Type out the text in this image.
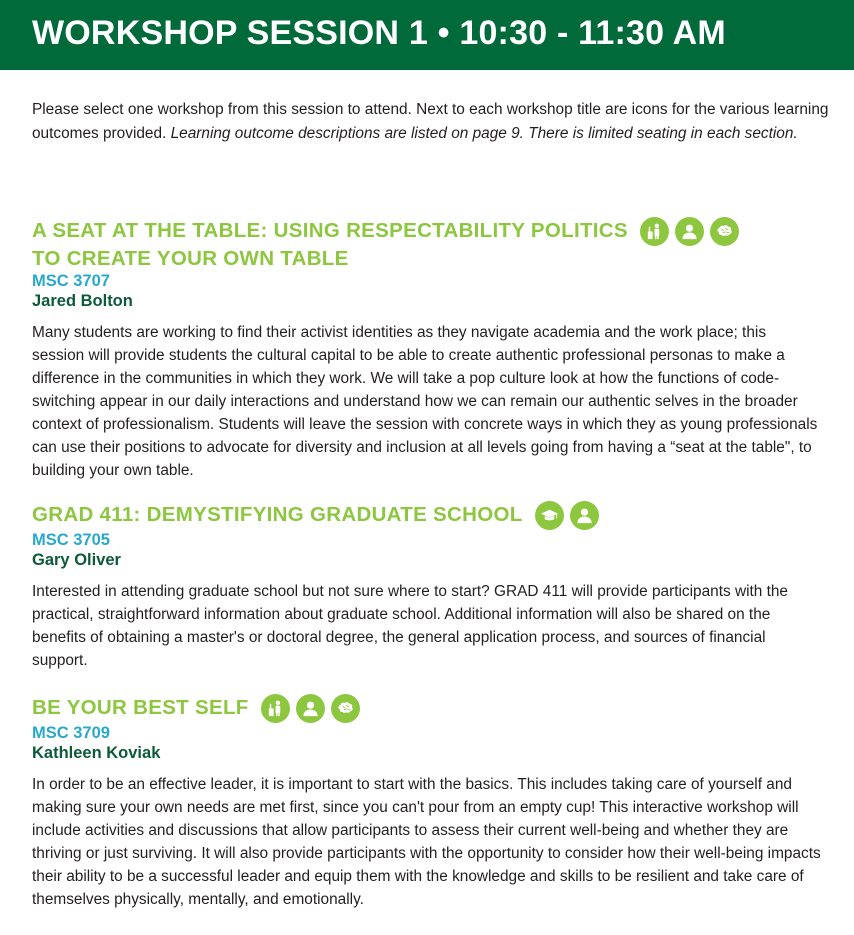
WORKSHOP SESSION 1 • 10:30 - 11:30 AM

Please select one workshop from this session to attend. Next to each workshop title are icons for the various learning outcomes provided. Learning outcome descriptions are listed on page 9. There is limited seating in each section.

A SEAT AT THE TABLE: USING RESPECTABILITY POLITICS
TO CREATE YOUR OWN TABLE

MSC 3707

Jared Bolton

Many students are working to find their activist identities as they navigate academia and the work place; this session will provide students the cultural capital to be able to create authentic professional personas to make a difference in the communities in which they work. We will take a pop culture look at how the functions of code-switching appear in our daily interactions and understand how we can remain our authentic selves in the broader context of professionalism. Students will leave the session with concrete ways in which they as young professionals can use their positions to advocate for diversity and inclusion at all levels going from having a “seat at the table", to building your own table.

GRAD 411: DEMYSTIFYING GRADUATE SCHOOL

MSC 3705

Gary Oliver

Interested in attending graduate school but not sure where to start? GRAD 411 will provide participants with the practical, straightforward information about graduate school. Additional information will also be shared on the benefits of obtaining a master's or doctoral degree, the general application process, and sources of financial support.

BE YOUR BEST SELF

MSC 3709

Kathleen Koviak

In order to be an effective leader, it is important to start with the basics. This includes taking care of yourself and making sure your own needs are met first, since you can't pour from an empty cup! This interactive workshop will include activities and discussions that allow participants to assess their current well-being and whether they are thriving or just surviving. It will also provide participants with the opportunity to consider how their well-being impacts their ability to be a successful leader and equip them with the knowledge and skills to be resilient and take care of themselves physically, mentally, and emotionally.
